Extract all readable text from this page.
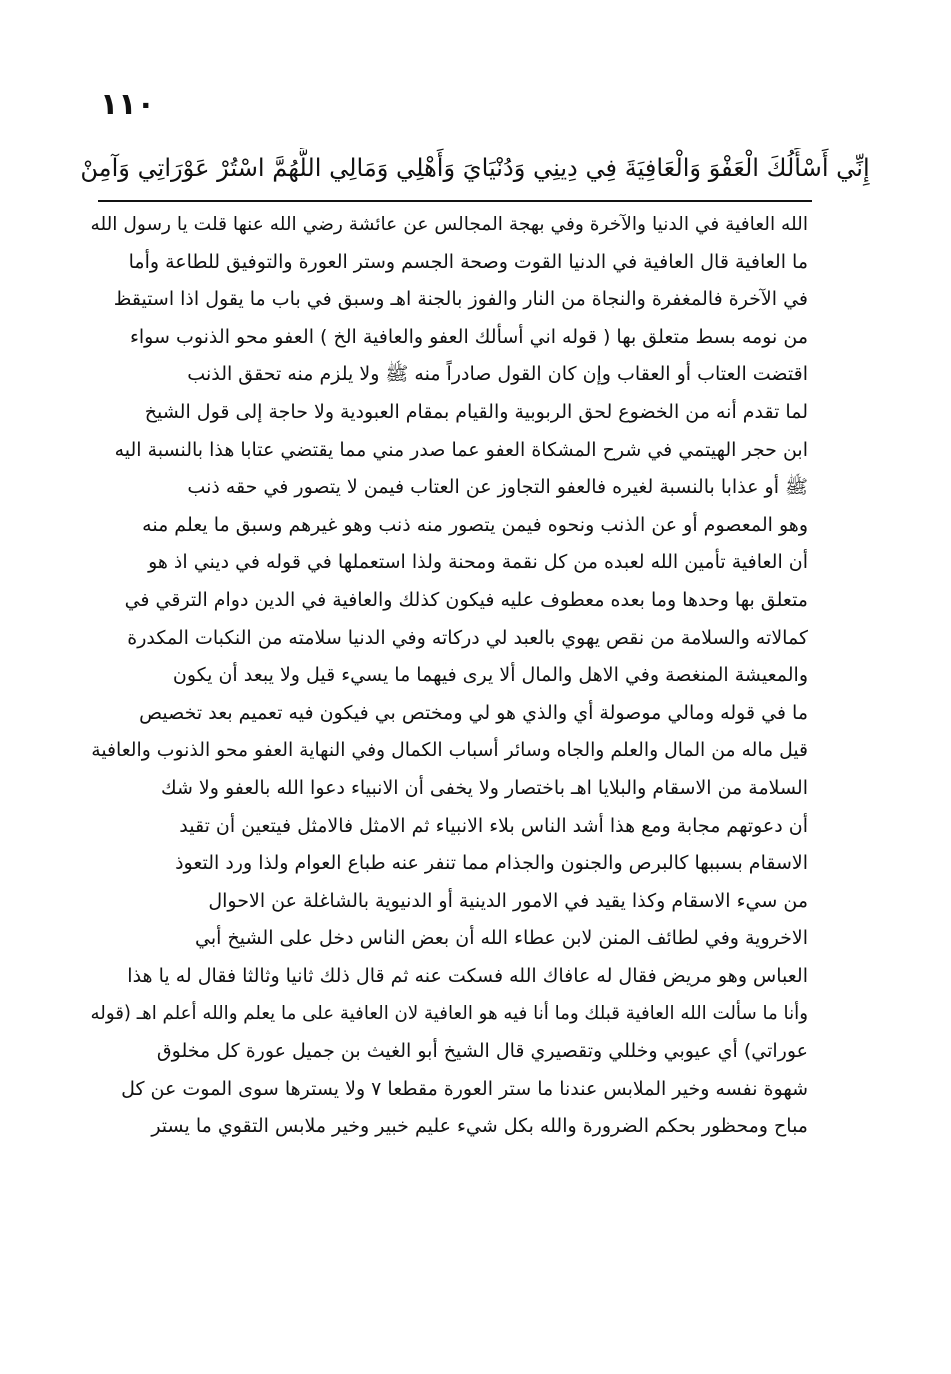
١١٠
إِنِّي أَسْأَلُكَ الْعَفْوَ وَالْعَافِيَةَ فِي دِينِي وَدُنْيَايَ وَأَهْلِي وَمَالِي اللَّهُمَّ اسْتُرْ عَوْرَاتِي وَآمِنْ
الله العافية في الدنيا والآخرة وفي بهجة المجالس عن عائشة رضي الله عنها قلت يا رسول الله
ما العافية قال العافية في الدنيا القوت وصحة الجسم وستر العورة والتوفيق للطاعة وأما
في الآخرة فالمغفرة والنجاة من النار والفوز بالجنة اهـ وسبق في باب ما يقول اذا استيقظ
من نومه بسط متعلق بها ( قوله اني أسألك العفو والعافية الخ ) العفو محو الذنوب سواء
اقتضت العتاب أو العقاب وإن كان القول صادراً منه ﷺ ولا يلزم منه تحقق الذنب
لما تقدم أنه من الخضوع لحق الربوبية والقيام بمقام العبودية ولا حاجة إلى قول الشيخ
ابن حجر الهيتمي في شرح المشكاة العفو عما صدر مني مما يقتضي عتابا هذا بالنسبة اليه
ﷺ أو عذابا بالنسبة لغيره فالعفو التجاوز عن العتاب فيمن لا يتصور في حقه ذنب
وهو المعصوم أو عن الذنب ونحوه فيمن يتصور منه ذنب وهو غيرهم وسبق ما يعلم منه
أن العافية تأمين الله لعبده من كل نقمة ومحنة ولذا استعملها في قوله في ديني اذ هو
متعلق بها وحدها وما بعده معطوف عليه فيكون كذلك والعافية في الدين دوام الترقي في
كمالاته والسلامة من نقص يهوي بالعبد لي دركاته وفي الدنيا سلامته من النكبات المكدرة
والمعيشة المنغصة وفي الاهل والمال ألا يرى فيهما ما يسيء قيل ولا يبعد أن يكون
ما في قوله ومالي موصولة أي والذي هو لي ومختص بي فيكون فيه تعميم بعد تخصيص
قيل ماله من المال والعلم والجاه وسائر أسباب الكمال وفي النهاية العفو محو الذنوب والعافية
السلامة من الاسقام والبلايا اهـ باختصار ولا يخفى أن الانبياء دعوا الله بالعفو ولا شك
أن دعوتهم مجابة ومع هذا أشد الناس بلاء الانبياء ثم الامثل فالامثل فيتعين أن تقيد
الاسقام بسببها كالبرص والجنون والجذام مما تنفر عنه طباع العوام ولذا ورد التعوذ
من سيء الاسقام وكذا يقيد في الامور الدينية أو الدنيوية بالشاغلة عن الاحوال
الاخروية وفي لطائف المنن لابن عطاء الله أن بعض الناس دخل على الشيخ أبي
العباس وهو مريض فقال له عافاك الله فسكت عنه ثم قال ذلك ثانيا وثالثا فقال له يا هذا
وأنا ما سألت الله العافية قبلك وما أنا فيه هو العافية لان العافية على ما يعلم والله أعلم اهـ (قوله
عوراتي) أي عيوبي وخللي وتقصيري قال الشيخ أبو الغيث بن جميل عورة كل مخلوق
شهوة نفسه وخير الملابس عندنا ما ستر العورة مقطعا ٧ ولا يسترها سوى الموت عن كل
مباح ومحظور بحكم الضرورة والله بكل شيء عليم خبير وخير ملابس التقوي ما يستر
